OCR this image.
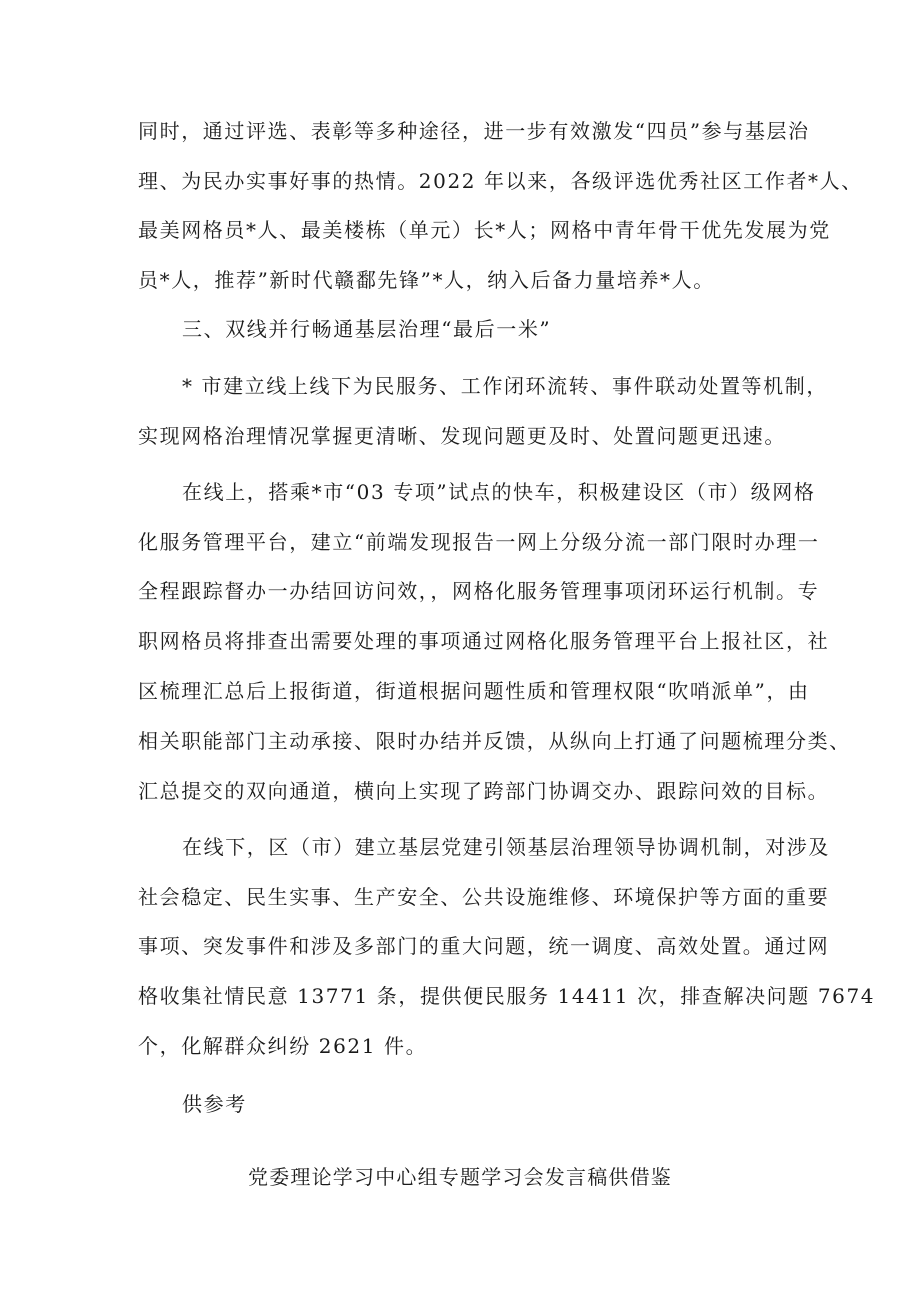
同时，通过评选、表彰等多种途径，进一步有效激发“四员”参与基层治
理、为民办实事好事的热情。2022 年以来，各级评选优秀社区工作者*人、
最美网格员*人、最美楼栋（单元）长*人；网格中青年骨干优先发展为党
员*人，推荐”新时代赣鄱先锋”*人，纳入后备力量培养*人。
三、双线并行畅通基层治理“最后一米”
* 市建立线上线下为民服务、工作闭环流转、事件联动处置等机制，
实现网格治理情况掌握更清晰、发现问题更及时、处置问题更迅速。
在线上，搭乘*市“03 专项”试点的快车，积极建设区（市）级网格
化服务管理平台，建立“前端发现报告一网上分级分流一部门限时办理一
全程跟踪督办一办结回访问效，，网格化服务管理事项闭环运行机制。专
职网格员将排查出需要处理的事项通过网格化服务管理平台上报社区，社
区梳理汇总后上报街道，街道根据问题性质和管理权限“吹哨派单”，由
相关职能部门主动承接、限时办结并反馈，从纵向上打通了问题梳理分类、
汇总提交的双向通道，横向上实现了跨部门协调交办、跟踪问效的目标。
在线下，区（市）建立基层党建引领基层治理领导协调机制，对涉及
社会稳定、民生实事、生产安全、公共设施维修、环境保护等方面的重要
事项、突发事件和涉及多部门的重大问题，统一调度、高效处置。通过网
格收集社情民意 13771 条，提供便民服务 14411 次，排查解决问题 7674
个，化解群众纠纷 2621 件。
供参考
党委理论学习中心组专题学习会发言稿供借鉴
